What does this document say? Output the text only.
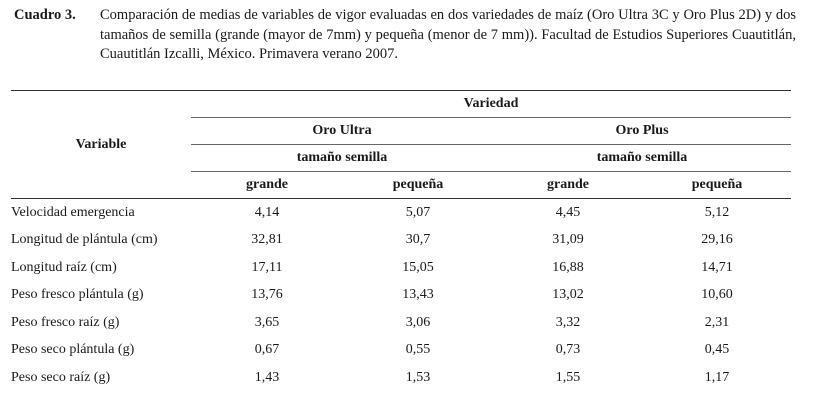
Cuadro 3.	Comparación de medias de variables de vigor evaluadas en dos variedades de maíz (Oro Ultra 3C y Oro Plus 2D) y dos tamaños de semilla (grande (mayor de 7mm) y pequeña (menor de 7 mm)). Facultad de Estudios Superiores Cuautitlán, Cuautitlán Izcalli, México. Primavera verano 2007.
Variable	Variedad			
	Oro Ultra		Oro Plus	
	tamaño semilla		tamaño semilla	
	grande	pequeña	grande	pequeña
Velocidad emergencia	4,14	5,07	4,45	5,12
Longitud de plántula (cm)	32,81	30,7	31,09	29,16
Longitud raíz (cm)	17,11	15,05	16,88	14,71
Peso fresco plántula (g)	13,76	13,43	13,02	10,60
Peso fresco raíz (g)	3,65	3,06	3,32	2,31
Peso seco plántula (g)	0,67	0,55	0,73	0,45
Peso seco raíz (g)	1,43	1,53	1,55	1,17
